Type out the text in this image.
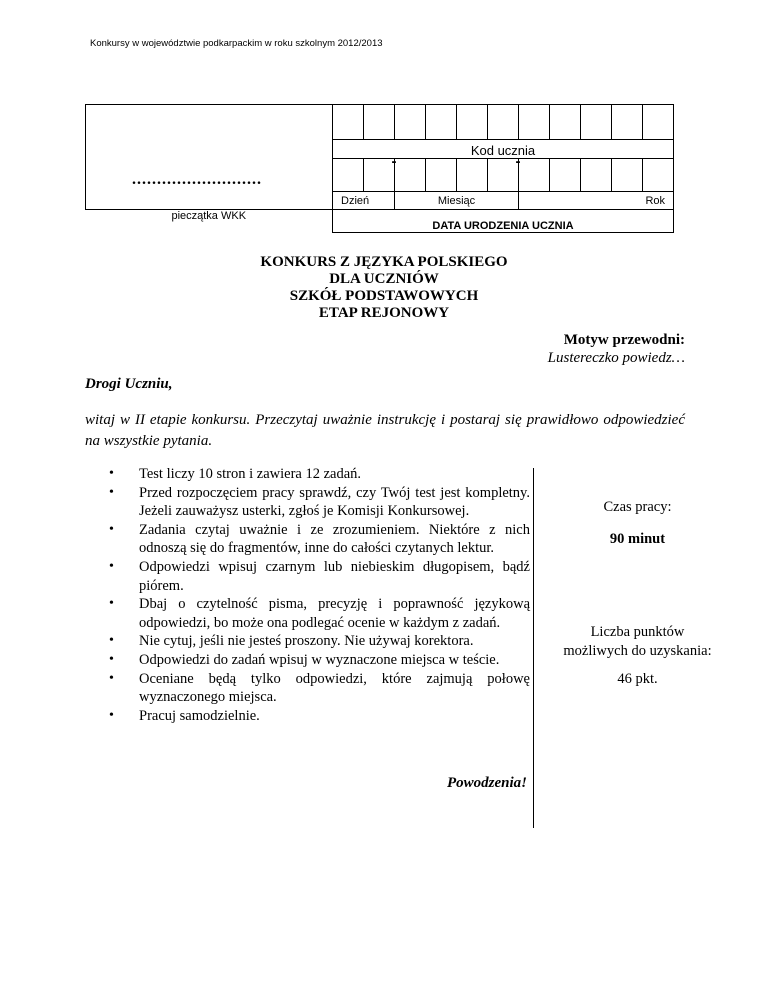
Konkursy w województwie podkarpackim w roku szkolnym 2012/2013
..........................											

	Kod ucznia										

		-				-					

	Dzień		Miesiąc				Rok				
pieczątka WKK	DATA URODZENIA UCZNIA										
KONKURS Z JĘZYKA POLSKIEGO
DLA UCZNIÓW
SZKÓŁ PODSTAWOWYCH
ETAP REJONOWY
Motyw przewodni:
Lustereczko powiedz…
Drogi Uczniu,
witaj w II etapie konkursu. Przeczytaj uważnie instrukcję i postaraj się prawidłowo odpowiedzieć na wszystkie pytania.
• Test liczy 10 stron i zawiera 12 zadań.
• Przed rozpoczęciem pracy sprawdź, czy Twój test jest kompletny. Jeżeli zauważysz usterki, zgłoś je Komisji Konkursowej.
• Zadania czytaj uważnie i ze zrozumieniem. Niektóre z nich odnoszą się do fragmentów, inne do całości czytanych lektur.
• Odpowiedzi wpisuj czarnym lub niebieskim długopisem, bądź piórem.
• Dbaj o czytelność pisma, precyzję i poprawność językową odpowiedzi, bo może ona podlegać ocenie w każdym z zadań.
• Nie cytuj, jeśli nie jesteś proszony. Nie używaj korektora.
• Odpowiedzi do zadań wpisuj w wyznaczone miejsca w teście.
• Oceniane będą tylko odpowiedzi, które zajmują połowę wyznaczonego miejsca.
• Pracuj samodzielnie.
Czas pracy:
90 minut
Liczba punktów
możliwych do uzyskania:
46 pkt.
Powodzenia!
